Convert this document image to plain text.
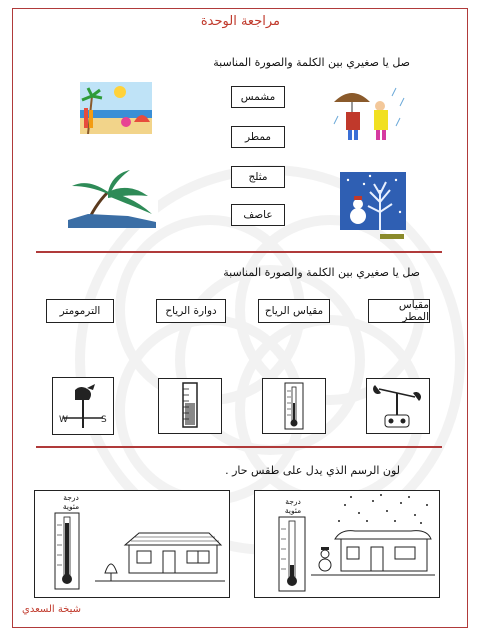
مراجعة الوحدة
صل يا صغيري بين الكلمة والصورة المناسبة
مشمس
ممطر
مثلج
عاصف
صل يا صغيري بين الكلمة والصورة المناسبة
مقياس المطر
مقياس الرياح
دوارة الرياح
الترمومتر
W	S
لون الرسم الذي يدل على طقس حار .
درجة
مئوية
درجة
مئوية
شيخة السعدي
